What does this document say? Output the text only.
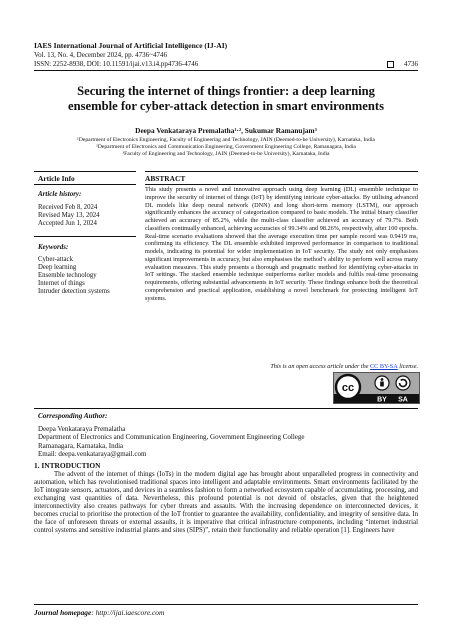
IAES International Journal of Artificial Intelligence (IJ-AI)
Vol. 13, No. 4, December 2024, pp. 4736~4746
ISSN: 2252-8938, DOI: 10.11591/ijai.v13.i4.pp4736-4746	4736
Securing the internet of things frontier: a deep learning
ensemble for cyber-attack detection in smart environments
Deepa Venkataraya Premalatha¹·², Sukumar Ramanujam³
¹Department of Electronics Engineering, Faculty of Engineering and Technology, JAIN (Deemed-to-be University), Karnataka, India
²Department of Electronics and Communication Engineering, Government Engineering College, Ramanagara, India
³Faculty of Engineering and Technology, JAIN (Deemed-to-be University), Karnataka, India
Article Info	ABSTRACT
Article history:
Received Feb 8, 2024
Revised May 13, 2024
Accepted Jun 1, 2024
Keywords:
Cyber-attack
Deep learning
Ensemble technology
Internet of things
Intruder detection systems
This study presents a novel and innovative approach using deep learning (DL) ensemble technique to improve the security of internet of things (IoT) by identifying intricate cyber-attacks. By utilising advanced DL models like deep neural network (DNN) and long short-term memory (LSTM), our approach significantly enhances the accuracy of categorization compared to basic models. The initial binary classifier achieved an accuracy of 85.2%, while the multi-class classifier achieved an accuracy of 79.7%. Both classifiers continually enhanced, achieving accuracies of 99.34% and 98.26%, respectively, after 100 epochs. Real-time scenario evaluations showed that the average execution time per sample record was 0.9419 ms, confirming its efficiency. The DL ensemble exhibited improved performance in comparison to traditional models, indicating its potential for wider implementation in IoT security. The study not only emphasises significant improvements in accuracy, but also emphasises the method’s ability to perform well across many evaluation measures. This study presents a thorough and pragmatic method for identifying cyber-attacks in IoT settings. The stacked ensemble technique outperforms earlier models and fulfils real-time processing requirements, offering substantial advancements in IoT security. These findings enhance both the theoretical comprehension and practical application, establishing a novel benchmark for protecting intelligent IoT systems.
This is an open access article under the CC BY-SA license.
cc
BY SA
Corresponding Author:
Deepa Venkataraya Premalatha
Department of Electronics and Communication Engineering, Government Engineering College
Ramanagara, Karnataka, India
Email: deepa.venkataraya@gmail.com
1. INTRODUCTION
The advent of the internet of things (IoTs) in the modern digital age has brought about unparalleled progress in connectivity and automation, which has revolutionised traditional spaces into intelligent and adaptable environments. Smart environments facilitated by the IoT integrate sensors, actuators, and devices in a seamless fashion to form a networked ecosystem capable of accumulating, processing, and exchanging vast quantities of data. Nevertheless, this profound potential is not devoid of obstacles, given that the heightened interconnectivity also creates pathways for cyber threats and assaults. With the increasing dependence on interconnected devices, it becomes crucial to prioritise the protection of the IoT frontier to guarantee the availability, confidentiality, and integrity of sensitive data. In the face of unforeseen threats or external assaults, it is imperative that critical infrastructure components, including “internet industrial control systems and sensitive industrial plants and sites (SIPS)”, retain their functionality and reliable operation [1]. Engineers have
Journal homepage: http://ijai.iaescore.com
